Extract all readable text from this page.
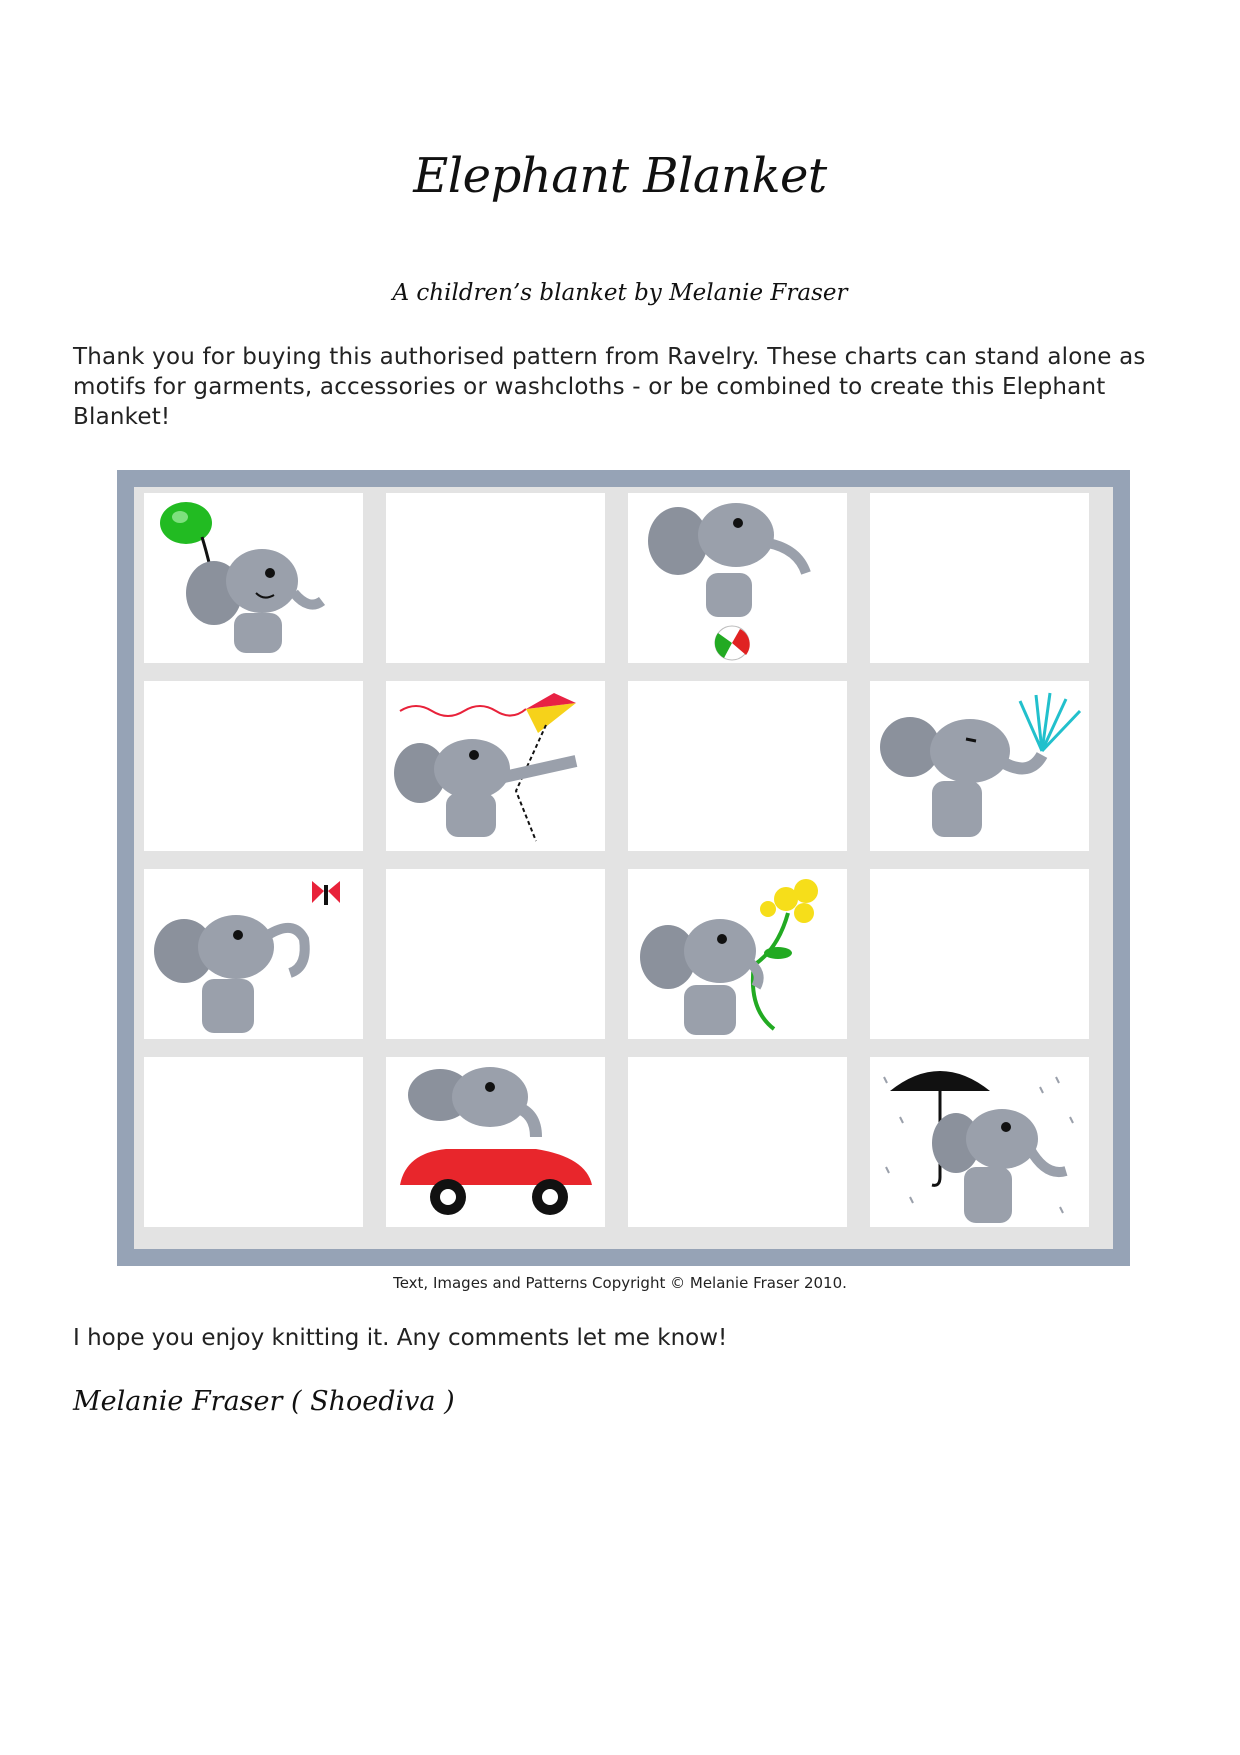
Elephant Blanket
A children’s blanket by Melanie Fraser
Thank you for buying this authorised pattern from Ravelry. These charts can stand alone as motifs for garments, accessories or washcloths - or be combined to create this Elephant Blanket!
Text, Images and Patterns Copyright © Melanie Fraser 2010.
I hope you enjoy knitting it. Any comments let me know!
Melanie Fraser ( Shoediva )
